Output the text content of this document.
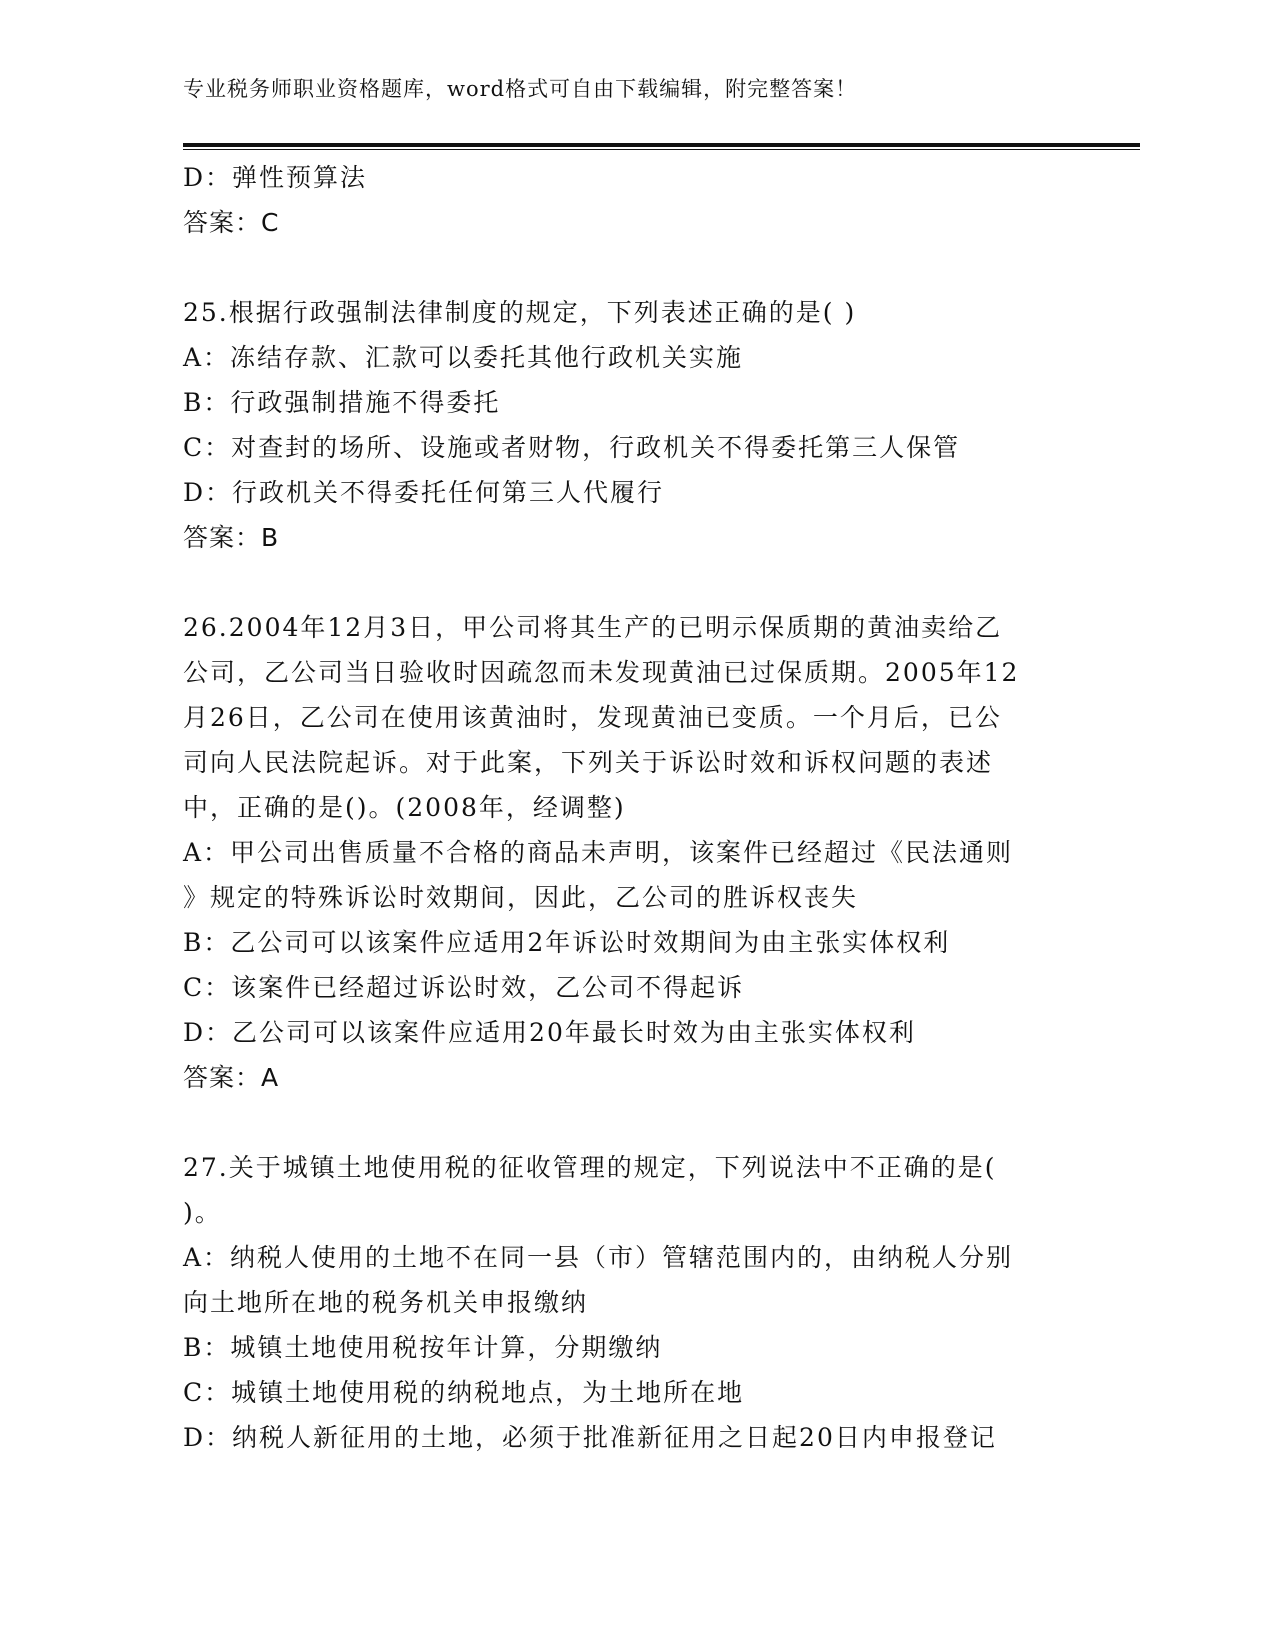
专业税务师职业资格题库，word格式可自由下载编辑，附完整答案！
D：弹性预算法
答案：C
25.根据行政强制法律制度的规定，下列表述正确的是( )
A：冻结存款、汇款可以委托其他行政机关实施
B：行政强制措施不得委托
C：对查封的场所、设施或者财物，行政机关不得委托第三人保管
D：行政机关不得委托任何第三人代履行
答案：B
26.2004年12月3日，甲公司将其生产的已明示保质期的黄油卖给乙
公司，乙公司当日验收时因疏忽而未发现黄油已过保质期。2005年12
月26日，乙公司在使用该黄油时，发现黄油已变质。一个月后，已公
司向人民法院起诉。对于此案，下列关于诉讼时效和诉权问题的表述
中，正确的是()。(2008年，经调整)
A：甲公司出售质量不合格的商品未声明，该案件已经超过《民法通则
》规定的特殊诉讼时效期间，因此，乙公司的胜诉权丧失
B：乙公司可以该案件应适用2年诉讼时效期间为由主张实体权利
C：该案件已经超过诉讼时效，乙公司不得起诉
D：乙公司可以该案件应适用20年最长时效为由主张实体权利
答案：A
27.关于城镇土地使用税的征收管理的规定，下列说法中不正确的是(
)。
A：纳税人使用的土地不在同一县（市）管辖范围内的，由纳税人分别
向土地所在地的税务机关申报缴纳
B：城镇土地使用税按年计算，分期缴纳
C：城镇土地使用税的纳税地点，为土地所在地
D：纳税人新征用的土地，必须于批准新征用之日起20日内申报登记
